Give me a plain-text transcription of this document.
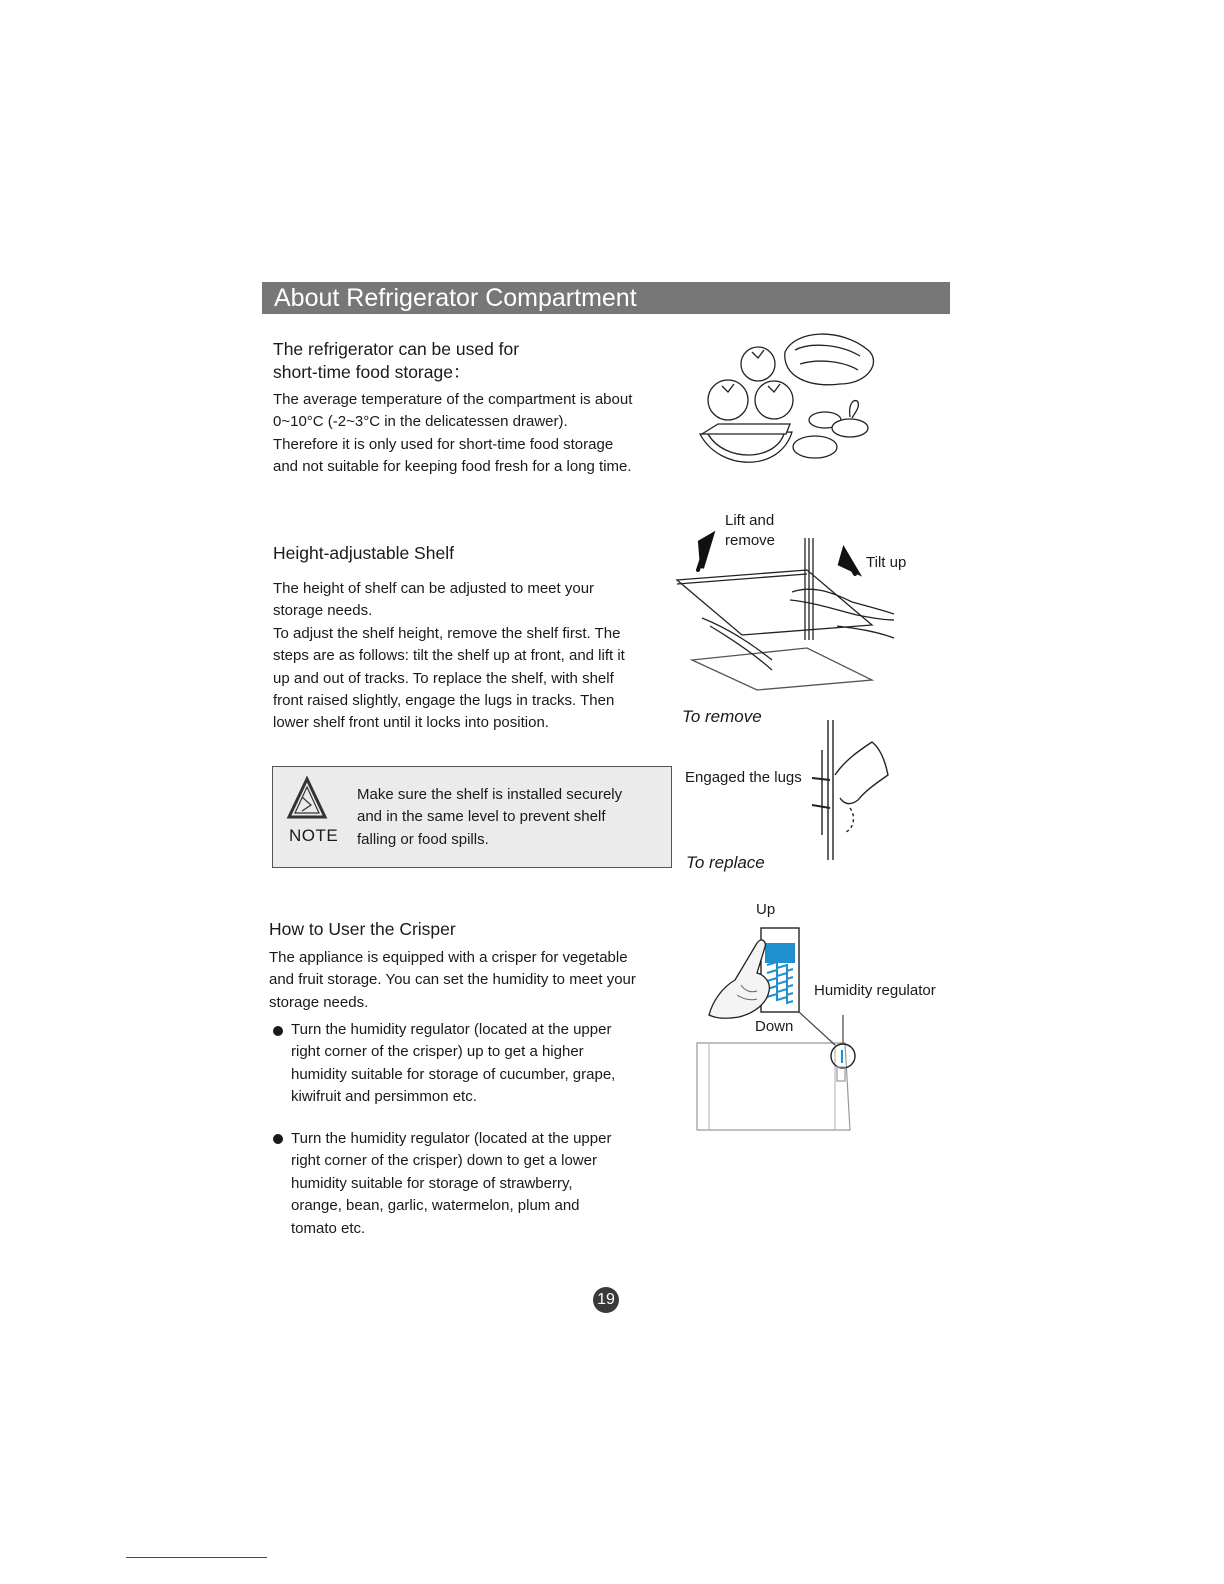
About Refrigerator Compartment
The refrigerator can be used for
short-time food storage：
The average temperature of the compartment is about
0~10°C (-2~3°C in the delicatessen drawer).
Therefore it is only used for short-time food storage
and not suitable for keeping food fresh for a long time.
Height-adjustable Shelf
The height of shelf can be adjusted to meet your
storage needs.
To adjust the shelf height, remove the shelf first. The
steps are as follows: tilt the shelf up at front, and lift it
up and out of tracks. To replace the shelf, with shelf
front raised slightly, engage the lugs in tracks. Then
lower shelf front until it locks into position.
Lift and
remove
Tilt up
To remove
Engaged the lugs
To replace
NOTE
Make sure the shelf is installed securely
and in the same level to prevent shelf
falling or food spills.
How to User the Crisper
The appliance is equipped with a crisper for vegetable
and fruit storage. You can set the humidity to meet your
storage needs.
Turn the humidity regulator (located at the upper
right corner of the crisper) up to get a higher
humidity suitable for storage of cucumber, grape,
kiwifruit and persimmon etc.
Turn the humidity regulator (located at the upper
right corner of the crisper) down to get a lower
humidity suitable for storage of strawberry,
orange, bean, garlic, watermelon, plum and
tomato etc.
Up
Down
Humidity regulator
19
